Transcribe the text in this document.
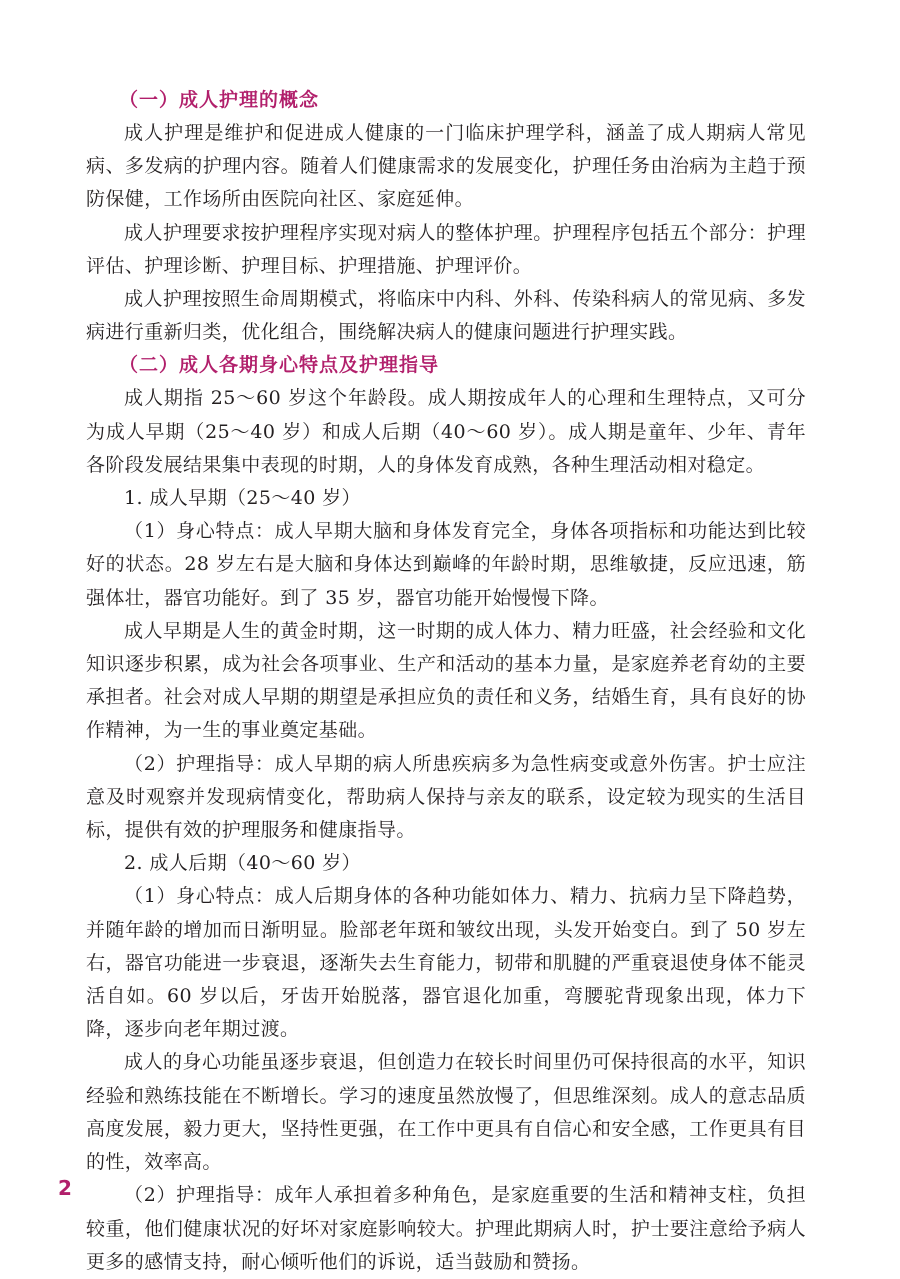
（一）成人护理的概念

成人护理是维护和促进成人健康的一门临床护理学科，涵盖了成人期病人常见病、多发病的护理内容。随着人们健康需求的发展变化，护理任务由治病为主趋于预防保健，工作场所由医院向社区、家庭延伸。

成人护理要求按护理程序实现对病人的整体护理。护理程序包括五个部分：护理评估、护理诊断、护理目标、护理措施、护理评价。

成人护理按照生命周期模式，将临床中内科、外科、传染科病人的常见病、多发病进行重新归类，优化组合，围绕解决病人的健康问题进行护理实践。

（二）成人各期身心特点及护理指导

成人期指 25～60 岁这个年龄段。成人期按成年人的心理和生理特点，又可分为成人早期（25～40 岁）和成人后期（40～60 岁）。成人期是童年、少年、青年各阶段发展结果集中表现的时期，人的身体发育成熟，各种生理活动相对稳定。

1. 成人早期（25～40 岁）

（1）身心特点：成人早期大脑和身体发育完全，身体各项指标和功能达到比较好的状态。28 岁左右是大脑和身体达到巅峰的年龄时期，思维敏捷，反应迅速，筋强体壮，器官功能好。到了 35 岁，器官功能开始慢慢下降。

成人早期是人生的黄金时期，这一时期的成人体力、精力旺盛，社会经验和文化知识逐步积累，成为社会各项事业、生产和活动的基本力量，是家庭养老育幼的主要承担者。社会对成人早期的期望是承担应负的责任和义务，结婚生育，具有良好的协作精神，为一生的事业奠定基础。

（2）护理指导：成人早期的病人所患疾病多为急性病变或意外伤害。护士应注意及时观察并发现病情变化，帮助病人保持与亲友的联系，设定较为现实的生活目标，提供有效的护理服务和健康指导。

2. 成人后期（40～60 岁）

（1）身心特点：成人后期身体的各种功能如体力、精力、抗病力呈下降趋势，并随年龄的增加而日渐明显。脸部老年斑和皱纹出现，头发开始变白。到了 50 岁左右，器官功能进一步衰退，逐渐失去生育能力，韧带和肌腱的严重衰退使身体不能灵活自如。60 岁以后，牙齿开始脱落，器官退化加重，弯腰驼背现象出现，体力下降，逐步向老年期过渡。

成人的身心功能虽逐步衰退，但创造力在较长时间里仍可保持很高的水平，知识经验和熟练技能在不断增长。学习的速度虽然放慢了，但思维深刻。成人的意志品质高度发展，毅力更大，坚持性更强，在工作中更具有自信心和安全感，工作更具有目的性，效率高。

（2）护理指导：成年人承担着多种角色，是家庭重要的生活和精神支柱，负担较重，他们健康状况的好坏对家庭影响较大。护理此期病人时，护士要注意给予病人更多的感情支持，耐心倾听他们的诉说，适当鼓励和赞扬。

2
